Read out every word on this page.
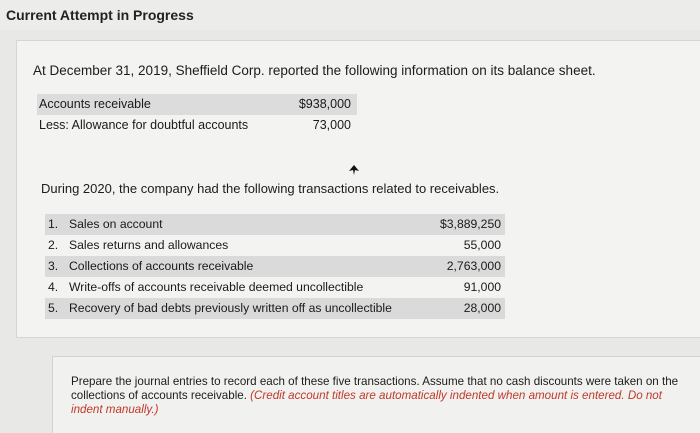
Current Attempt in Progress
At December 31, 2019, Sheffield Corp. reported the following information on its balance sheet.
Accounts receivable	$938,000
Less: Allowance for doubtful accounts	73,000
During 2020, the company had the following transactions related to receivables.
1. Sales on account	$3,889,250
2. Sales returns and allowances	55,000
3. Collections of accounts receivable	2,763,000
4. Write-offs of accounts receivable deemed uncollectible	91,000
5. Recovery of bad debts previously written off as uncollectible	28,000
Prepare the journal entries to record each of these five transactions. Assume that no cash discounts were taken on the collections of accounts receivable. (Credit account titles are automatically indented when amount is entered. Do not indent manually.)
